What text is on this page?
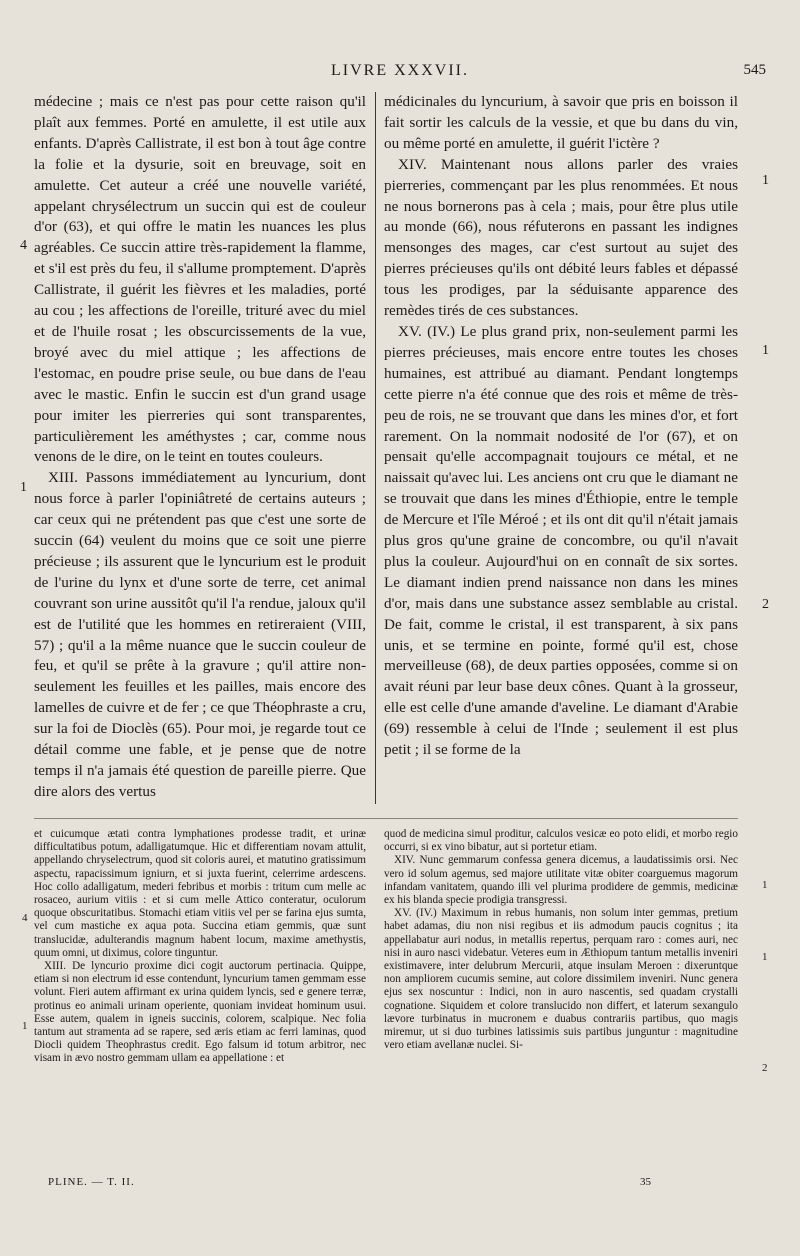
LIVRE XXXVII.	545

médecine ; mais ce n'est pas pour cette raison qu'il plaît aux femmes. Porté en amulette, il est utile aux enfants. D'après Callistrate, il est bon à tout âge contre la folie et la dysurie, soit en breuvage, soit en amulette. Cet auteur a créé une nouvelle variété, appelant chrysélectrum un succin qui est de couleur d'or (63), et qui offre le matin les nuances les plus agréables. Ce succin attire très-rapidement la flamme, et s'il est près du feu, il s'allume promptement. D'après Callistrate, il guérit les fièvres et les maladies, porté au cou ; les affections de l'oreille, trituré avec du miel et de l'huile rosat ; les obscurcissements de la vue, broyé avec du miel attique ; les affections de l'estomac, en poudre prise seule, ou bue dans de l'eau avec le mastic. Enfin le succin est d'un grand usage pour imiter les pierreries qui sont transparentes, particulièrement les améthystes ; car, comme nous venons de le dire, on le teint en toutes couleurs.

XIII. Passons immédiatement au lyncurium, dont nous force à parler l'opiniâtreté de certains auteurs ; car ceux qui ne prétendent pas que c'est une sorte de succin (64) veulent du moins que ce soit une pierre précieuse ; ils assurent que le lyncurium est le produit de l'urine du lynx et d'une sorte de terre, cet animal couvrant son urine aussitôt qu'il l'a rendue, jaloux qu'il est de l'utilité que les hommes en retireraient (VIII, 57) ; qu'il a la même nuance que le succin couleur de feu, et qu'il se prête à la gravure ; qu'il attire non-seulement les feuilles et les pailles, mais encore des lamelles de cuivre et de fer ; ce que Théophraste a cru, sur la foi de Dioclès (65). Pour moi, je regarde tout ce détail comme une fable, et je pense que de notre temps il n'a jamais été question de pareille pierre. Que dire alors des vertus

médicinales du lyncurium, à savoir que pris en boisson il fait sortir les calculs de la vessie, et que bu dans du vin, ou même porté en amulette, il guérit l'ictère ?

XIV. Maintenant nous allons parler des vraies pierreries, commençant par les plus renommées. Et nous ne nous bornerons pas à cela ; mais, pour être plus utile au monde (66), nous réfuterons en passant les indignes mensonges des mages, car c'est surtout au sujet des pierres précieuses qu'ils ont débité leurs fables et dépassé tous les prodiges, par la séduisante apparence des remèdes tirés de ces substances.

XV. (IV.) Le plus grand prix, non-seulement parmi les pierres précieuses, mais encore entre toutes les choses humaines, est attribué au diamant. Pendant longtemps cette pierre n'a été connue que des rois et même de très-peu de rois, ne se trouvant que dans les mines d'or, et fort rarement. On la nommait nodosité de l'or (67), et on pensait qu'elle accompagnait toujours ce métal, et ne naissait qu'avec lui. Les anciens ont cru que le diamant ne se trouvait que dans les mines d'Éthiopie, entre le temple de Mercure et l'île Méroé ; et ils ont dit qu'il n'était jamais plus gros qu'une graine de concombre, ou qu'il n'avait plus la couleur. Aujourd'hui on en connaît de six sortes. Le diamant indien prend naissance non dans les mines d'or, mais dans une substance assez semblable au cristal. De fait, comme le cristal, il est transparent, à six pans unis, et se termine en pointe, formé qu'il est, chose merveilleuse (68), de deux parties opposées, comme si on avait réuni par leur base deux cônes. Quant à la grosseur, elle est celle d'une amande d'aveline. Le diamant d'Arabie (69) ressemble à celui de l'Inde ; seulement il est plus petit ; il se forme de la

4
1
1
1
2

et cuicumque ætati contra lymphationes prodesse tradit, et urinæ difficultatibus potum, adalligatumque. Hic et differentiam novam attulit, appellando chryselectrum, quod sit coloris aurei, et matutino gratissimum aspectu, rapacissimum igniurn, et si juxta fuerint, celerrime ardescens. Hoc collo adalligatum, mederi febribus et morbis : tritum cum melle ac rosaceo, aurium vitiis : et si cum melle Attico conteratur, oculorum quoque obscuritatibus. Stomachi etiam vitiis vel per se farina ejus sumta, vel cum mastiche ex aqua pota. Succina etiam gemmis, quæ sunt translucidæ, adulterandis magnum habent locum, maxime amethystis, quum omni, ut diximus, colore tinguntur.

XIII. De lyncurio proxime dici cogit auctorum pertinacia. Quippe, etiam si non electrum id esse contendunt, lyncurium tamen gemmam esse volunt. Fieri autem affirmant ex urina quidem lyncis, sed e genere terræ, protinus eo animali urinam operiente, quoniam invideat hominum usui. Esse autem, qualem in igneis succinis, colorem, scalpique. Nec folia tantum aut stramenta ad se rapere, sed æris etiam ac ferri laminas, quod Diocli quidem Theophrastus credit. Ego falsum id totum arbitror, nec visam in ævo nostro gemmam ullam ea appellatione : et

quod de medicina simul proditur, calculos vesicæ eo poto elidi, et morbo regio occurri, si ex vino bibatur, aut si portetur etiam.

XIV. Nunc gemmarum confessa genera dicemus, a laudatissimis orsi. Nec vero id solum agemus, sed majore utilitate vitæ obiter coarguemus magorum infandam vanitatem, quando illi vel plurima prodidere de gemmis, medicinæ ex his blanda specie prodigia transgressi.

XV. (IV.) Maximum in rebus humanis, non solum inter gemmas, pretium habet adamas, diu non nisi regibus et iis admodum paucis cognitus ; ita appellabatur auri nodus, in metallis repertus, perquam raro : comes auri, nec nisi in auro nasci videbatur. Veteres eum in Æthiopum tantum metallis inveniri existimavere, inter delubrum Mercurii, atque insulam Meroen : dixeruntque non ampliorem cucumis semine, aut colore dissimilem inveniri. Nunc genera ejus sex noscuntur : Indici, non in auro nascentis, sed quadam crystalli cognatione. Siquidem et colore translucido non differt, et laterum sexangulo lævore turbinatus in mucronem e duabus contrariis partibus, quo magis miremur, ut si duo turbines latissimis suis partibus junguntur : magnitudine vero etiam avellanæ nuclei. Si-

4
1
1
1
2
PLINE. — T. II.	35
